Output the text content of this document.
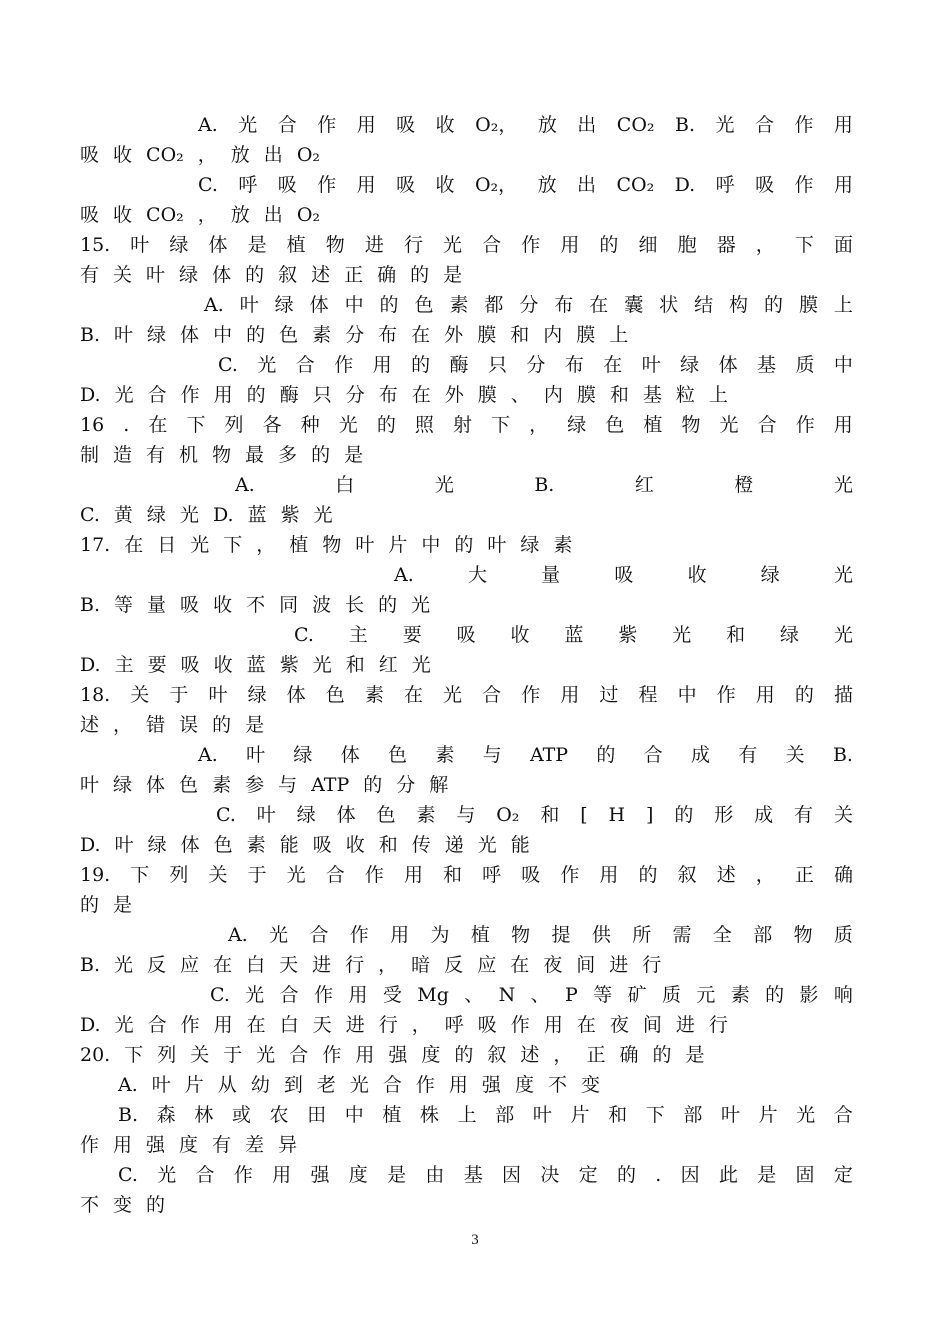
A. 光 合 作 用 吸 收 O₂， 放 出 CO₂ B. 光 合 作 用
吸 收 CO₂ ， 放 出 O₂
C. 呼 吸 作 用 吸 收 O₂， 放 出 CO₂ D. 呼 吸 作 用
吸 收 CO₂ ， 放 出 O₂
15. 叶 绿 体 是 植 物 进 行 光 合 作 用 的 细 胞 器 ， 下 面
有 关 叶 绿 体 的 叙 述 正 确 的 是
A. 叶 绿 体 中 的 色 素 都 分 布 在 囊 状 结 构 的 膜 上
B. 叶 绿 体 中 的 色 素 分 布 在 外 膜 和 内 膜 上
C. 光 合 作 用 的 酶 只 分 布 在 叶 绿 体 基 质 中
D. 光 合 作 用 的 酶 只 分 布 在 外 膜 、 内 膜 和 基 粒 上
16 . 在 下 列 各 种 光 的 照 射 下 ， 绿 色 植 物 光 合 作 用
制 造 有 机 物 最 多 的 是
A.	白	光	B.	红	橙	光
C. 黄 绿 光 D. 蓝 紫 光
17. 在 日 光 下 ， 植 物 叶 片 中 的 叶 绿 素
A.	大	量	吸	收	绿	光
B. 等 量 吸 收 不 同 波 长 的 光
C. 主 要 吸 收 蓝 紫 光 和 绿 光
D. 主 要 吸 收 蓝 紫 光 和 红 光
18. 关 于 叶 绿 体 色 素 在 光 合 作 用 过 程 中 作 用 的 描
述 ， 错 误 的 是
A. 叶 绿 体 色 素 与 ATP 的 合 成 有 关 B.
叶 绿 体 色 素 参 与 ATP 的 分 解
C. 叶 绿 体 色 素 与 O₂ 和 [ H ] 的 形 成 有 关
D. 叶 绿 体 色 素 能 吸 收 和 传 递 光 能
19. 下 列 关 于 光 合 作 用 和 呼 吸 作 用 的 叙 述 ， 正 确
的 是
A. 光 合 作 用 为 植 物 提 供 所 需 全 部 物 质
B. 光 反 应 在 白 天 进 行 ， 暗 反 应 在 夜 间 进 行
C. 光 合 作 用 受 Mg 、 N 、 P 等 矿 质 元 素 的 影 响
D. 光 合 作 用 在 白 天 进 行 ， 呼 吸 作 用 在 夜 间 进 行
20. 下 列 关 于 光 合 作 用 强 度 的 叙 述 ， 正 确 的 是
A. 叶 片 从 幼 到 老 光 合 作 用 强 度 不 变
B. 森 林 或 农 田 中 植 株 上 部 叶 片 和 下 部 叶 片 光 合
作 用 强 度 有 差 异
C. 光 合 作 用 强 度 是 由 基 因 决 定 的 . 因 此 是 固 定
不 变 的
3
